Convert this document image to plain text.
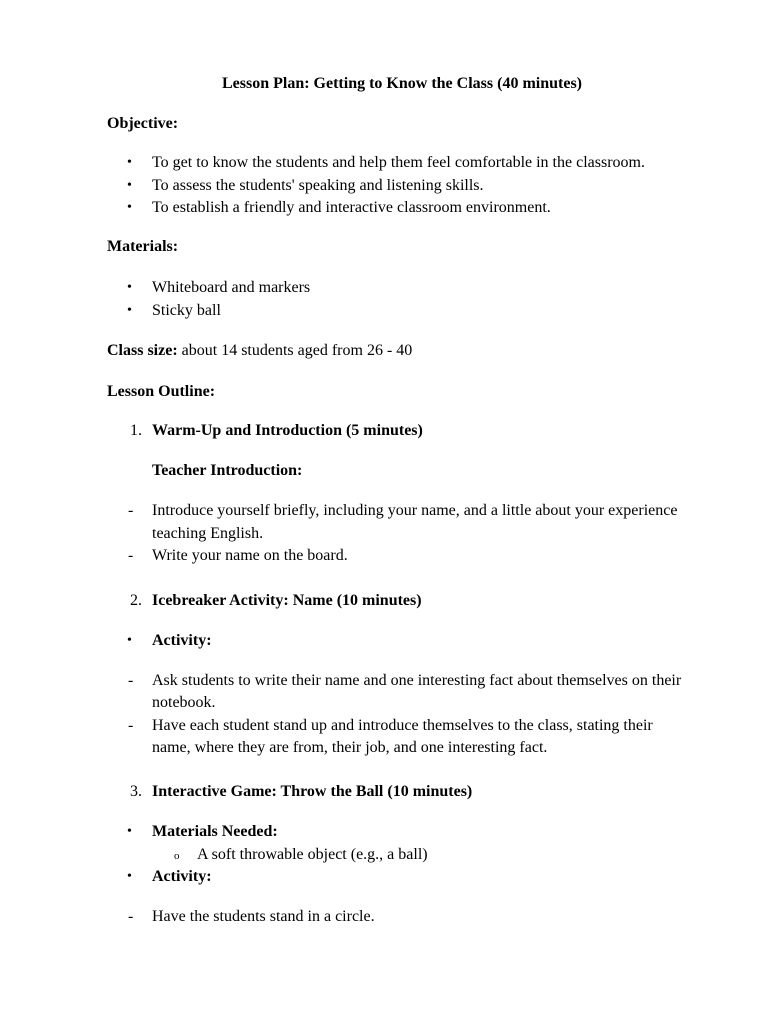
Lesson Plan: Getting to Know the Class (40 minutes)
Objective:
• To get to know the students and help them feel comfortable in the classroom.
• To assess the students' speaking and listening skills.
• To establish a friendly and interactive classroom environment.
Materials:
• Whiteboard and markers
• Sticky ball
Class size: about 14 students aged from 26 - 40
Lesson Outline:
1. Warm-Up and Introduction (5 minutes)
Teacher Introduction:
- Introduce yourself briefly, including your name, and a little about your experience
teaching English.
- Write your name on the board.
2. Icebreaker Activity: Name (10 minutes)
• Activity:
- Ask students to write their name and one interesting fact about themselves on their
notebook.
- Have each student stand up and introduce themselves to the class, stating their
name, where they are from, their job, and one interesting fact.
3. Interactive Game: Throw the Ball (10 minutes)
• Materials Needed:
o A soft throwable object (e.g., a ball)
• Activity:
- Have the students stand in a circle.
